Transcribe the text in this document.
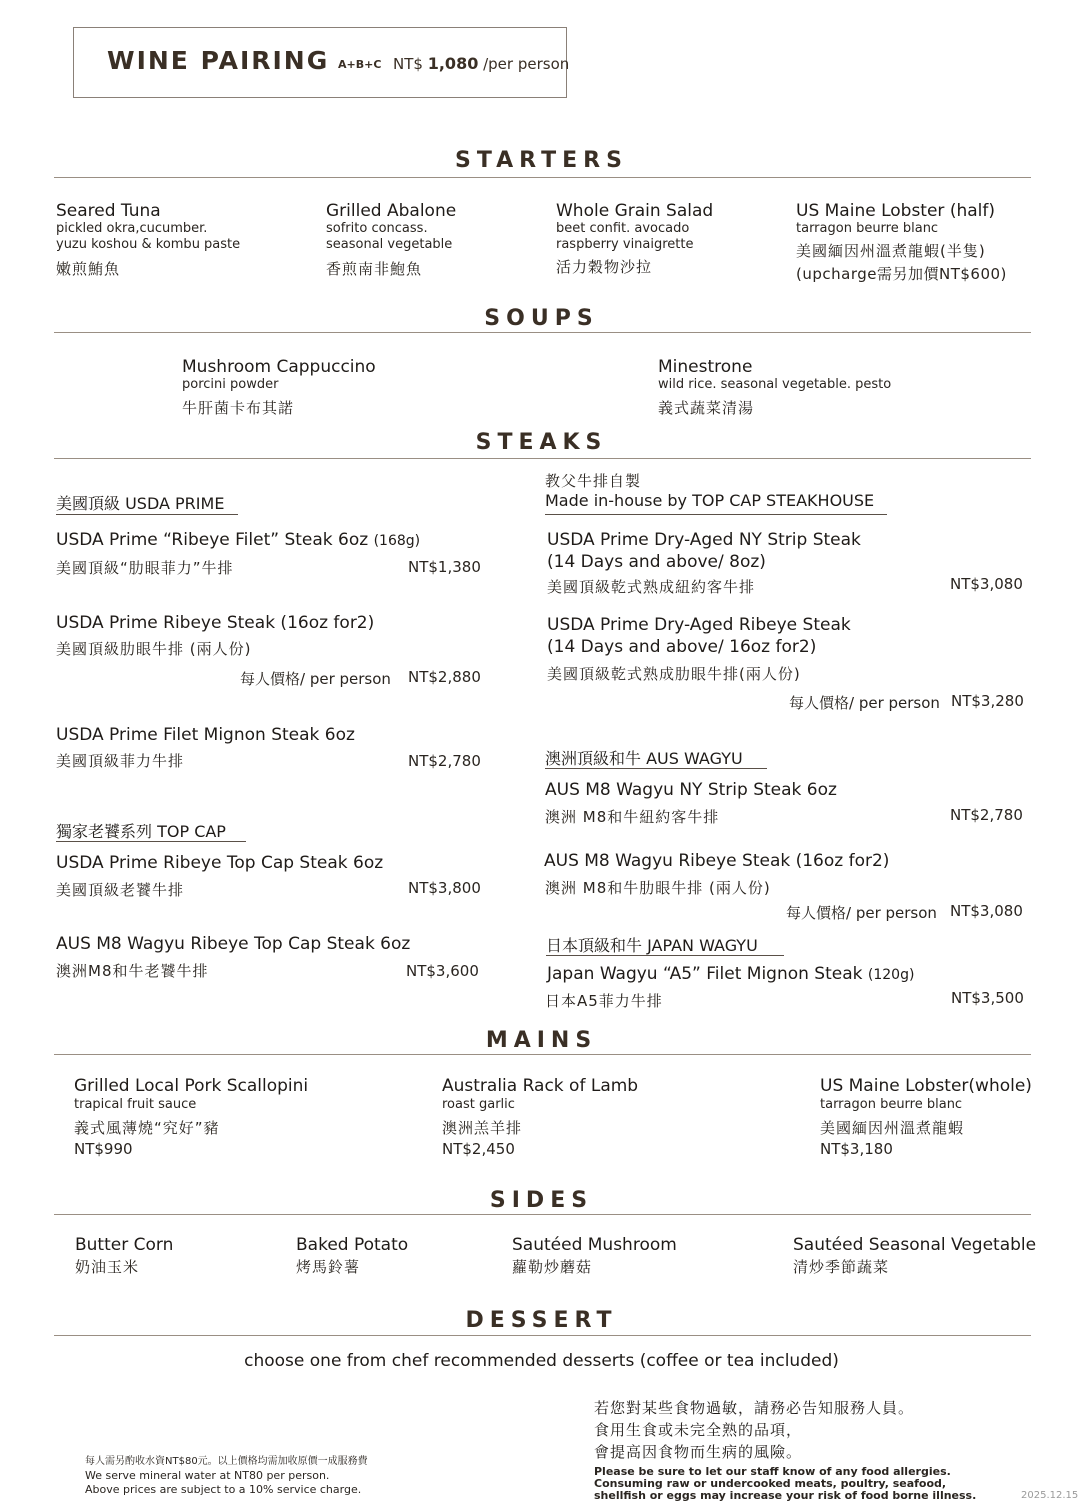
WINE PAIRING A+B+C NT$ 1,080 /per person
STARTERS
Seared Tuna
pickled okra,cucumber.
yuzu koshou & kombu paste
嫩煎鮪魚
Grilled Abalone
sofrito concass.
seasonal vegetable
香煎南非鮑魚
Whole Grain Salad
beet confit. avocado
raspberry vinaigrette
活力穀物沙拉
US Maine Lobster (half)
tarragon beurre blanc
美國緬因州溫煮龍蝦(半隻)
(upcharge需另加價NT$600)
SOUPS
Mushroom Cappuccino
porcini powder
牛肝菌卡布其諾
Minestrone
wild rice. seasonal vegetable. pesto
義式蔬菜清湯
STEAKS
美國頂級 USDA PRIME
USDA Prime “Ribeye Filet” Steak 6oz (168g)
美國頂級“肋眼菲力”牛排	NT$1,380
USDA Prime Ribeye Steak (16oz for2)
美國頂級肋眼牛排 (兩人份)
每人價格/ per person NT$2,880
USDA Prime Filet Mignon Steak 6oz
美國頂級菲力牛排	NT$2,780
獨家老饕系列 TOP CAP
USDA Prime Ribeye Top Cap Steak 6oz
美國頂級老饕牛排	NT$3,800
AUS M8 Wagyu Ribeye Top Cap Steak 6oz
澳洲M8和牛老饕牛排	NT$3,600
教父牛排自製
Made in-house by TOP CAP STEAKHOUSE
USDA Prime Dry-Aged NY Strip Steak
(14 Days and above/ 8oz)
美國頂級乾式熟成紐約客牛排	NT$3,080
USDA Prime Dry-Aged Ribeye Steak
(14 Days and above/ 16oz for2)
美國頂級乾式熟成肋眼牛排(兩人份)
每人價格/ per person NT$3,280
澳洲頂級和牛 AUS WAGYU
AUS M8 Wagyu NY Strip Steak 6oz
澳洲 M8和牛紐約客牛排	NT$2,780
AUS M8 Wagyu Ribeye Steak (16oz for2)
澳洲 M8和牛肋眼牛排 (兩人份)
每人價格/ per person NT$3,080
日本頂級和牛 JAPAN WAGYU
Japan Wagyu “A5” Filet Mignon Steak (120g)
日本A5菲力牛排	NT$3,500
MAINS
Grilled Local Pork Scallopini
trapical fruit sauce
義式風薄燒“究好”豬
NT$990
Australia Rack of Lamb
roast garlic
澳洲羔羊排
NT$2,450
US Maine Lobster(whole)
tarragon beurre blanc
美國緬因州溫煮龍蝦
NT$3,180
SIDES
Butter Corn
奶油玉米
Baked Potato
烤馬鈴薯
Sautéed Mushroom
蘿勒炒蘑菇
Sautéed Seasonal Vegetable
清炒季節蔬菜
DESSERT
choose one from chef recommended desserts (coffee or tea included)
每人需另酌收水資NT$80元。以上價格均需加收原價一成服務費
We serve mineral water at NT80 per person.
Above prices are subject to a 10% service charge.
若您對某些食物過敏，請務必告知服務人員。
食用生食或未完全熟的品項，
會提高因食物而生病的風險。
Please be sure to let our staff know of any food allergies.
Consuming raw or undercooked meats, poultry, seafood,
shellfish or eggs may increase your risk of food borne illness.	2025.12.15
